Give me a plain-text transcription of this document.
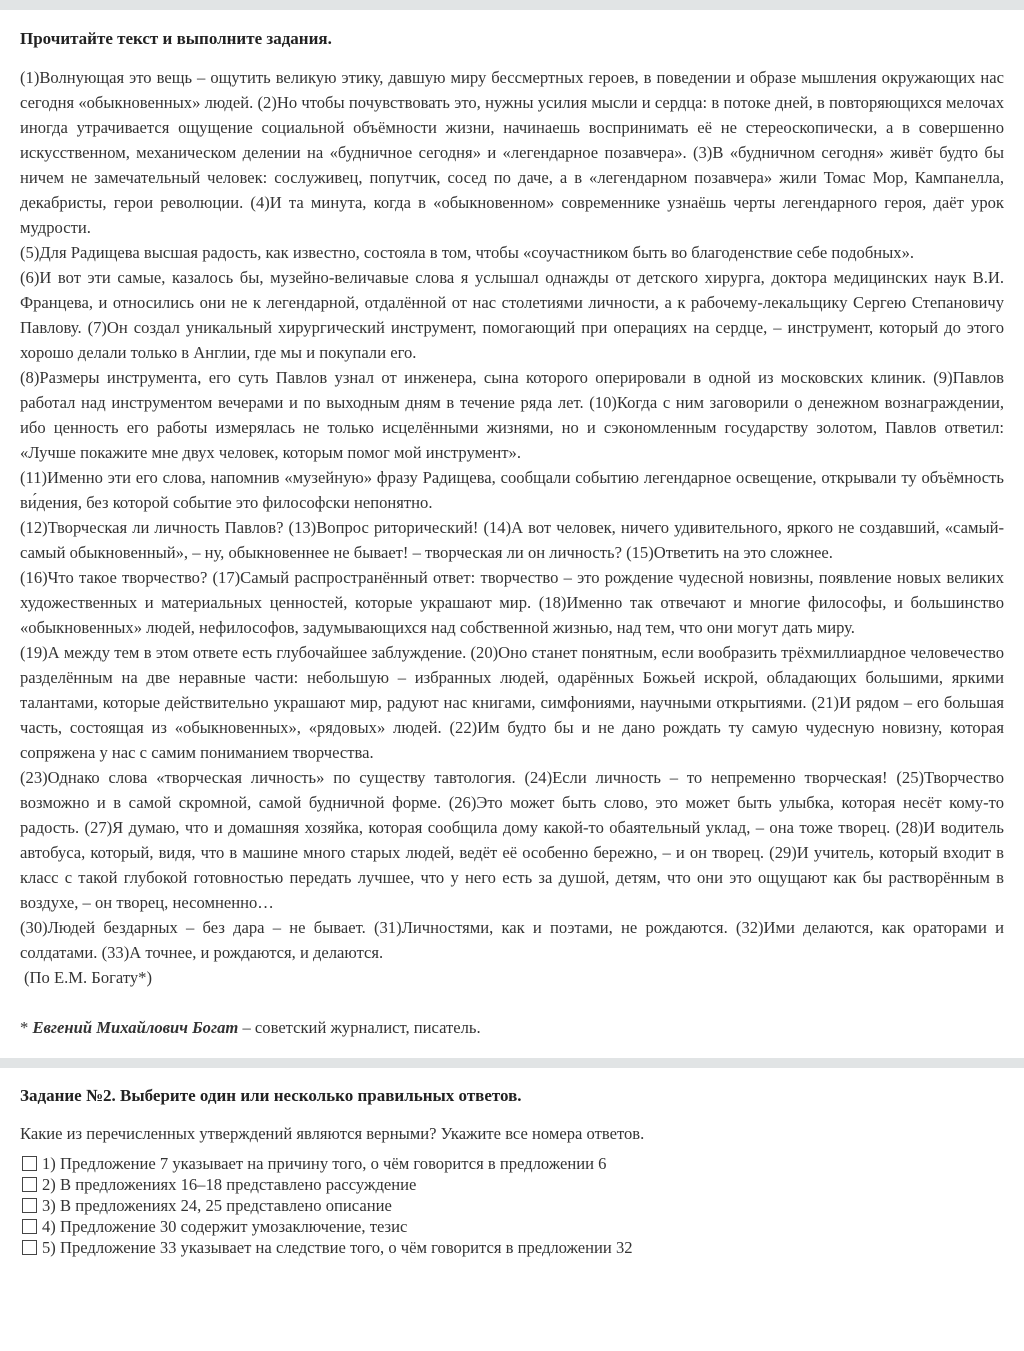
Прочитайте текст и выполните задания.

(1)Волнующая это вещь – ощутить великую этику, давшую миру бессмертных героев, в поведении и образе мышления окружающих нас сегодня «обыкновенных» людей. (2)Но чтобы почувствовать это, нужны усилия мысли и сердца: в потоке дней, в повторяющихся мелочах иногда утрачивается ощущение социальной объёмности жизни, начинаешь воспринимать её не стереоскопически, а в совершенно искусственном, механическом делении на «будничное сегодня» и «легендарное позавчера». (3)В «будничном сегодня» живёт будто бы ничем не замечательный человек: сослуживец, попутчик, сосед по даче, а в «легендарном позавчера» жили Томас Мор, Кампанелла, декабристы, герои революции. (4)И та минута, когда в «обыкновенном» современнике узнаёшь черты легендарного героя, даёт урок мудрости.

(5)Для Радищева высшая радость, как известно, состояла в том, чтобы «соучастником быть во благоденствие себе подобных».

(6)И вот эти самые, казалось бы, музейно-величавые слова я услышал однажды от детского хирурга, доктора медицинских наук В.И. Францева, и относились они не к легендарной, отдалённой от нас столетиями личности, а к рабочему-лекальщику Сергею Степановичу Павлову. (7)Он создал уникальный хирургический инструмент, помогающий при операциях на сердце, – инструмент, который до этого хорошо делали только в Англии, где мы и покупали его.

(8)Размеры инструмента, его суть Павлов узнал от инженера, сына которого оперировали в одной из московских клиник. (9)Павлов работал над инструментом вечерами и по выходным дням в течение ряда лет. (10)Когда с ним заговорили о денежном вознаграждении, ибо ценность его работы измерялась не только исцелёнными жизнями, но и сэкономленным государству золотом, Павлов ответил: «Лучше покажите мне двух человек, которым помог мой инструмент».

(11)Именно эти его слова, напомнив «музейную» фразу Радищева, сообщали событию легендарное освещение, открывали ту объёмность ви́дения, без которой событие это философски непонятно.

(12)Творческая ли личность Павлов? (13)Вопрос риторический! (14)А вот человек, ничего удивительного, яркого не создавший, «самый-самый обыкновенный», – ну, обыкновеннее не бывает! – творческая ли он личность? (15)Ответить на это сложнее.

(16)Что такое творчество? (17)Самый распространённый ответ: творчество – это рождение чудесной новизны, появление новых великих художественных и материальных ценностей, которые украшают мир. (18)Именно так отвечают и многие философы, и большинство «обыкновенных» людей, нефилософов, задумывающихся над собственной жизнью, над тем, что они могут дать миру.

(19)А между тем в этом ответе есть глубочайшее заблуждение. (20)Оно станет понятным, если вообразить трёхмиллиардное человечество разделённым на две неравные части: небольшую – избранных людей, одарённых Божьей искрой, обладающих большими, яркими талантами, которые действительно украшают мир, радуют нас книгами, симфониями, научными открытиями. (21)И рядом – его большая часть, состоящая из «обыкновенных», «рядовых» людей. (22)Им будто бы и не дано рождать ту самую чудесную новизну, которая сопряжена у нас с самим пониманием творчества.

(23)Однако слова «творческая личность» по существу тавтология. (24)Если личность – то непременно творческая! (25)Творчество возможно и в самой скромной, самой будничной форме. (26)Это может быть слово, это может быть улыбка, которая несёт кому-то радость. (27)Я думаю, что и домашняя хозяйка, которая сообщила дому какой-то обаятельный уклад, – она тоже творец. (28)И водитель автобуса, который, видя, что в машине много старых людей, ведёт её особенно бережно, – и он творец. (29)И учитель, который входит в класс с такой глубокой готовностью передать лучшее, что у него есть за душой, детям, что они это ощущают как бы растворённым в воздухе, – он творец, несомненно…

(30)Людей бездарных – без дара – не бывает. (31)Личностями, как и поэтами, не рождаются. (32)Ими делаются, как ораторами и солдатами. (33)А точнее, и рождаются, и делаются.

(По Е.М. Богату*)

* Евгений Михайлович Богат – советский журналист, писатель.
Задание №2. Выберите один или несколько правильных ответов.
Какие из перечисленных утверждений являются верными? Укажите все номера ответов.
1) Предложение 7 указывает на причину того, о чём говорится в предложении 6
2) В предложениях 16–18 представлено рассуждение
3) В предложениях 24, 25 представлено описание
4) Предложение 30 содержит умозаключение, тезис
5) Предложение 33 указывает на следствие того, о чём говорится в предложении 32
